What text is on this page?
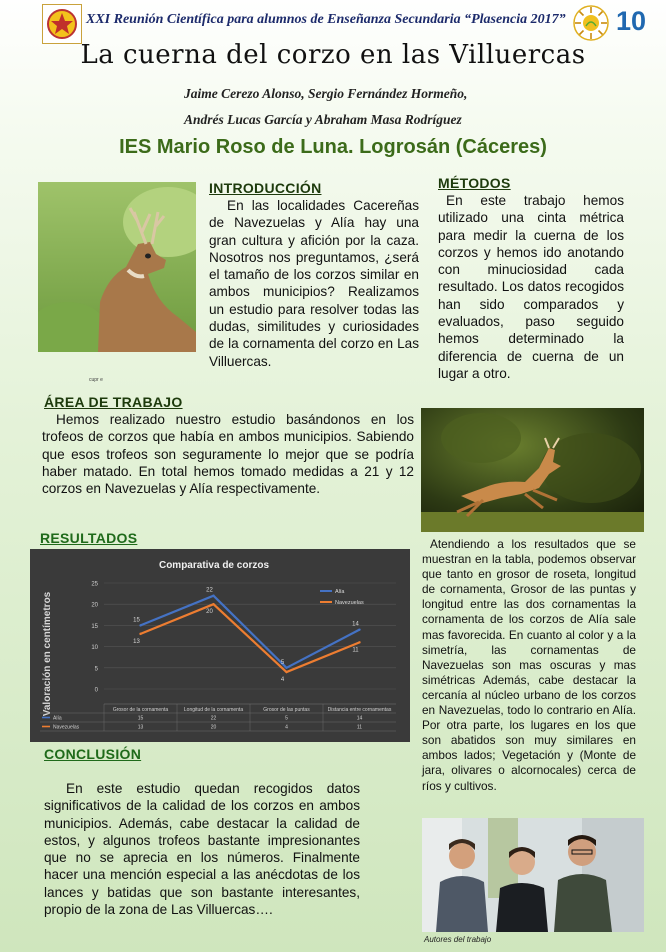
XXI Reunión Científica para alumnos de Enseñanza Secundaria “Plasencia 2017”	10
La cuerna del corzo en las Villuercas
Jaime Cerezo Alonso, Sergio Fernández Hormeño,
Andrés Lucas García y Abraham Masa Rodríguez
IES Mario Roso de Luna. Logrosán (Cáceres)
cupr e
INTRODUCCIÓN
En las localidades Cacereñas de Navezuelas y Alía hay una gran cultura y afición por la caza. Nosotros nos preguntamos, ¿será el tamaño de los corzos similar en ambos municipios? Realizamos un estudio para resolver todas las dudas, similitudes y curiosidades de la cornamenta del corzo en Las Villuercas.
MÉTODOS
En este trabajo hemos utilizado una cinta métrica para medir la cuerna de los corzos y hemos ido anotando con minuciosidad cada resultado. Los datos recogidos han sido comparados y evaluados, paso seguido hemos determinado la diferencia de cuerna de un lugar a otro.
ÁREA DE TRABAJO
Hemos realizado nuestro estudio basándonos en los trofeos de corzos que había en ambos municipios. Sabiendo que esos trofeos son seguramente lo mejor que se podría haber matado. En total hemos tomado medidas a 21 y 12 corzos en Navezuelas y Alía respectivamente.
RESULTADOS	Atendiendo a los resultados que se muestran en la tabla, podemos observar que tanto en grosor de roseta, longitud de cornamenta, Grosor de las puntas y longitud entre las dos cornamentas la cornamenta de los corzos de Alía sale mas favorecida. En cuanto al color y a la simetría, las cornamentas de Navezuelas son mas oscuras y mas simétricas Además, cabe destacar la cercanía al núcleo urbano de los corzos en Navezuelas, todo lo contrario en Alía. Por otra parte, los lugares en los que son abatidos son muy similares en ambos lados; Vegetación y (Monte de jara, olivares o alcornocales) cerca de ríos y cultivos.
Comparativa de corzos
Valoración en centímetros	0
5
10
15
20
25
15
22
5
14
13
20
4
11
Alía
Navezuelas
Grosor de la cornamenta	Longitud de la cornamenta	Grosor de las puntas	Distancia entre cornamentas
Alía	15	22	5	14
Navezuelas	13	20	4	11
CONCLUSIÓN
En este estudio quedan recogidos datos significativos de la calidad de los corzos en ambos municipios. Además, cabe destacar la calidad de estos, y algunos trofeos bastante impresionantes que no se aprecia en los números. Finalmente hacer una mención especial a las anécdotas de los lances y batidas que son bastante interesantes, propio de la zona de Las Villuercas….
Autores del trabajo
